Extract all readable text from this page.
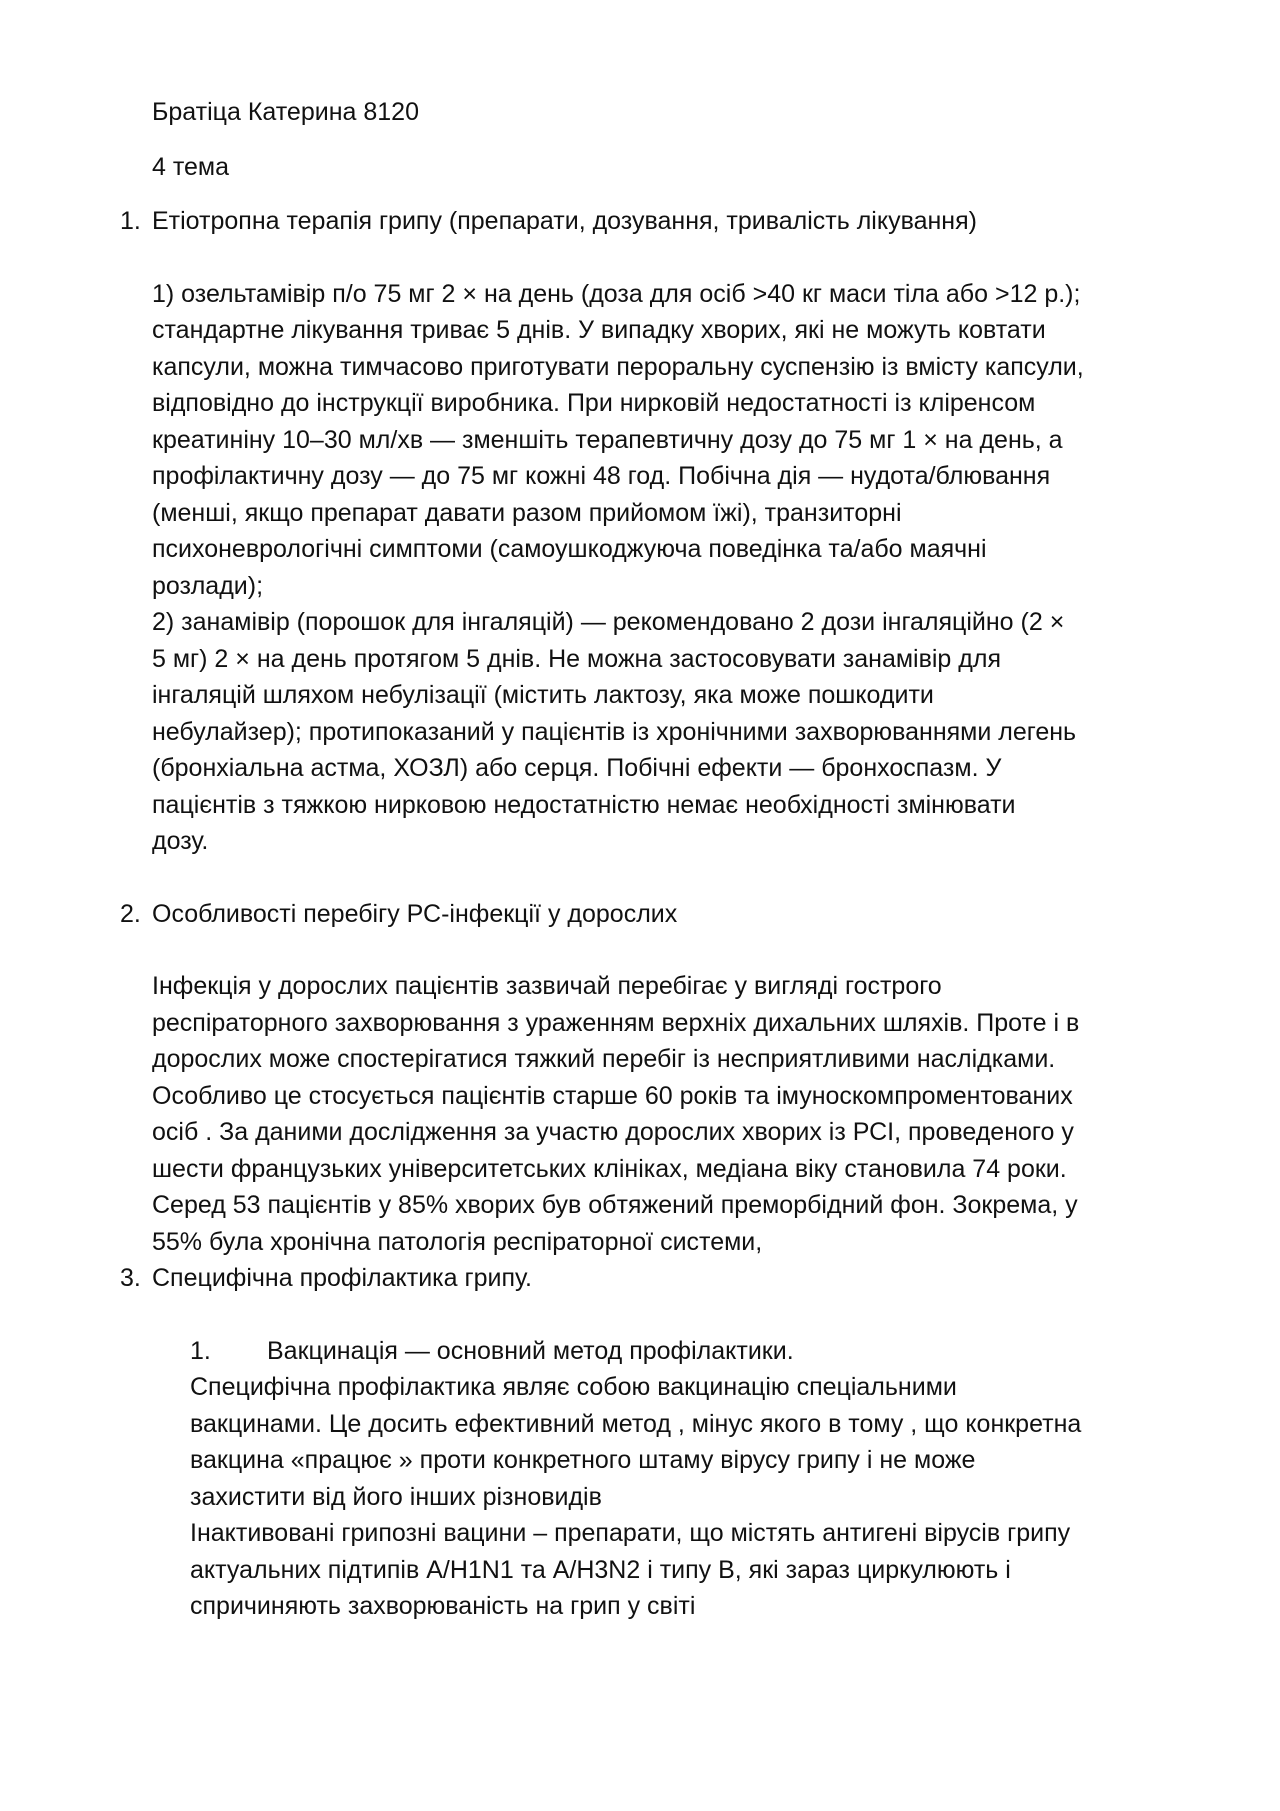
Братіца Катерина 8120

4 тема

1. Етіотропна терапія грипу (препарати, дозування, тривалість лікування)

1) озельтамівір п/о 75 мг 2 × на день (доза для осіб >40 кг маси тіла або >12 р.);

стандартне лікування триває 5 днів. У випадку хворих, які не можуть ковтати

капсули, можна тимчасово приготувати пероральну суспензію із вмісту капсули,

відповідно до інструкції виробника. При нирковій недостатності із кліренсом

креатиніну 10–30 мл/хв — зменшіть терапевтичну дозу до 75 мг 1 × на день, а

профілактичну дозу — до 75 мг кожні 48 год. Побічна дія — нудота/блювання

(менші, якщо препарат давати разом прийомом їжі), транзиторні

психоневрологічні симптоми (самоушкоджуюча поведінка та/або маячні

розлади);

2) занамівір (порошок для інгаляцій) — рекомендовано 2 дози інгаляційно (2 ×

5 мг) 2 × на день протягом 5 днів. Не можна застосовувати занамівір для

інгаляцій шляхом небулізації (містить лактозу, яка може пошкодити

небулайзер); протипоказаний у пацієнтів із хронічними захворюваннями легень

(бронхіальна астма, ХОЗЛ) або серця. Побічні ефекти — бронхоспазм. У

пацієнтів з тяжкою нирковою недостатністю немає необхідності змінювати

дозу.

2. Особливості перебігу РС-інфекції у дорослих

Інфекція у дорослих пацієнтів зазвичай перебігає у вигляді гострого

респіраторного захворювання з ураженням верхніх дихальних шляхів. Проте і в

дорослих може спостерігатися тяжкий перебіг із несприятливими наслідками.

Особливо це стосується пацієнтів старше 60 років та імуноскомпроментованих

осіб . За даними дослідження за участю дорослих хворих із РСІ, проведеного у

шести французьких університетських клініках, медіана віку становила 74 роки.

Серед 53 пацієнтів у 85% хворих був обтяжений преморбідний фон. Зокрема, у

55% була хронічна патологія респіраторної системи,

3. Специфічна профілактика грипу.

1. Вакцинація — основний метод профілактики.

Специфічна профілактика являє собою вакцинацію спеціальними

вакцинами. Це досить ефективний метод , мінус якого в тому , що конкретна

вакцина «працює » проти конкретного штаму вірусу грипу і не може

захистити від його інших різновидів

Інактивовані грипозні вацини – препарати, що містять антигені вірусів грипу

актуальних підтипів A/H1N1 та A/H3N2 і типу B, які зараз циркулюють і

спричиняють захворюваність на грип у світі
